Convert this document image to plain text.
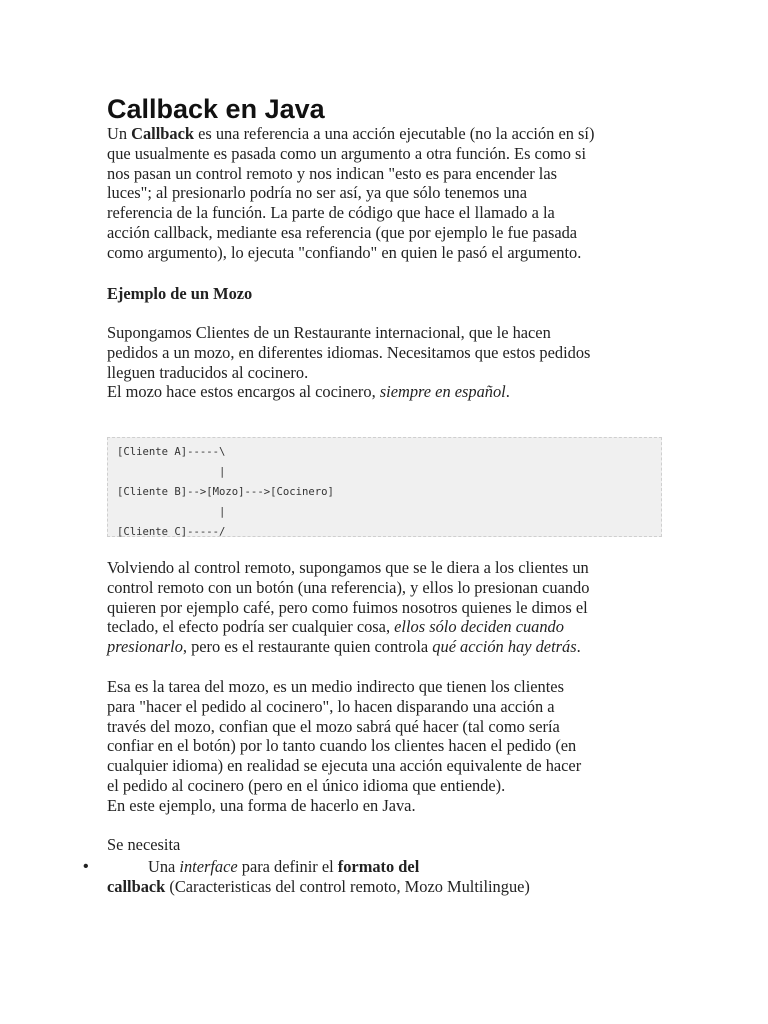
Callback en Java
Un Callback es una referencia a una acción ejecutable (no la acción en sí)
que usualmente es pasada como un argumento a otra función. Es como si
nos pasan un control remoto y nos indican "esto es para encender las
luces"; al presionarlo podría no ser así, ya que sólo tenemos una
referencia de la función. La parte de código que hace el llamado a la
acción callback, mediante esa referencia (que por ejemplo le fue pasada
como argumento), lo ejecuta "confiando" en quien le pasó el argumento.
Ejemplo de un Mozo
Supongamos Clientes de un Restaurante internacional, que le hacen
pedidos a un mozo, en diferentes idiomas. Necesitamos que estos pedidos
lleguen traducidos al cocinero.
El mozo hace estos encargos al cocinero, siempre en español.
[Cliente A]-----\
|
[Cliente B]-->[Mozo]--->[Cocinero]
|
[Cliente C]-----/
Volviendo al control remoto, supongamos que se le diera a los clientes un
control remoto con un botón (una referencia), y ellos lo presionan cuando
quieren por ejemplo café, pero como fuimos nosotros quienes le dimos el
teclado, el efecto podría ser cualquier cosa, ellos sólo deciden cuando
presionarlo, pero es el restaurante quien controla qué acción hay detrás.
Esa es la tarea del mozo, es un medio indirecto que tienen los clientes
para "hacer el pedido al cocinero", lo hacen disparando una acción a
través del mozo, confian que el mozo sabrá qué hacer (tal como sería
confiar en el botón) por lo tanto cuando los clientes hacen el pedido (en
cualquier idioma) en realidad se ejecuta una acción equivalente de hacer
el pedido al cocinero (pero en el único idioma que entiende).
En este ejemplo, una forma de hacerlo en Java.
Se necesita
• Una interface para definir el formato del
callback (Caracteristicas del control remoto, Mozo Multilingue)
